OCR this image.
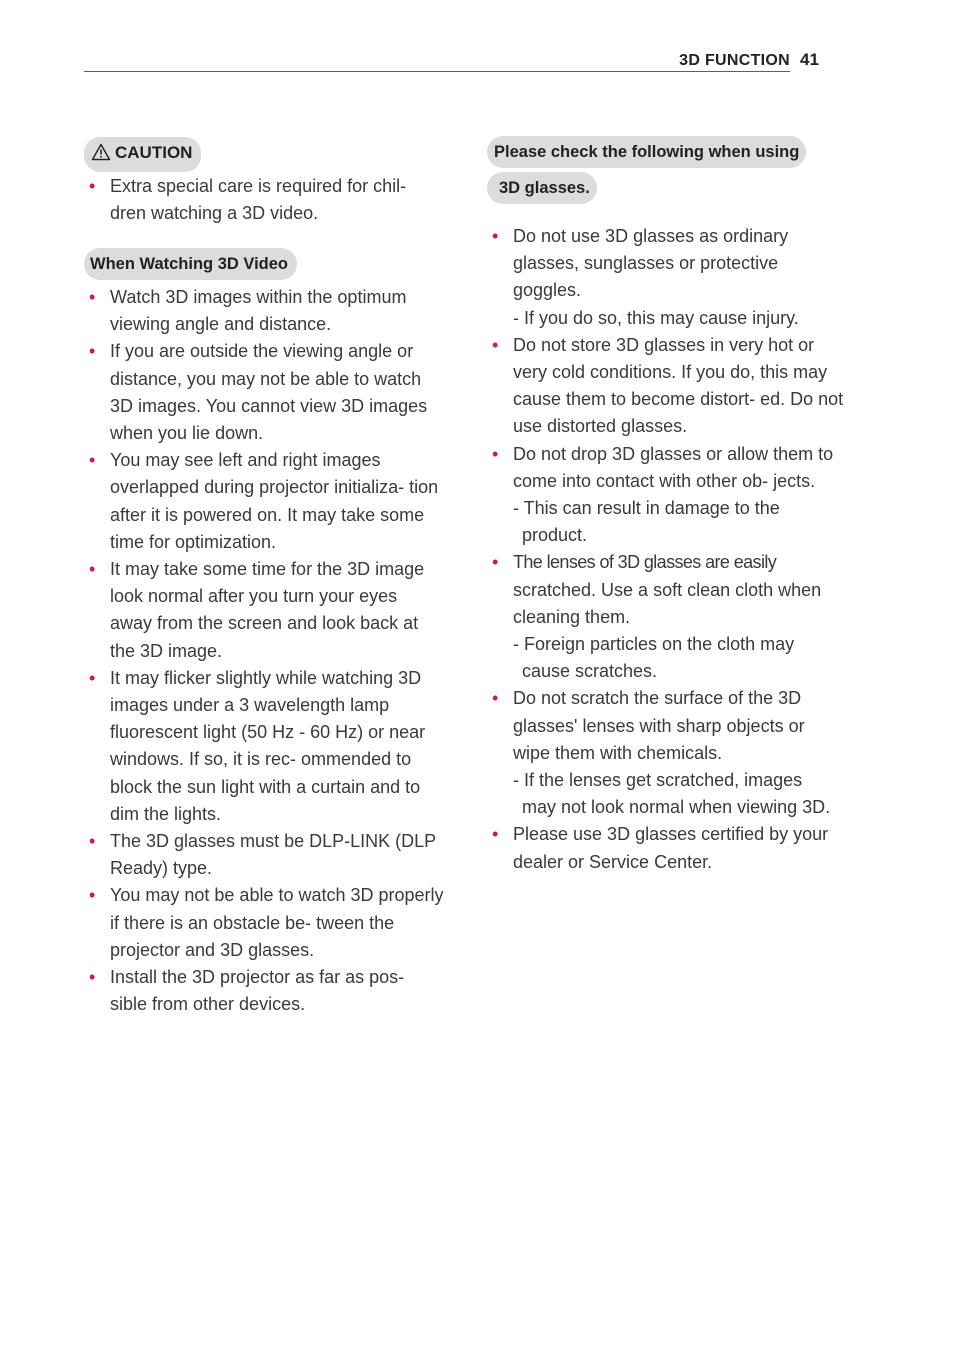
3D FUNCTION 41
CAUTION
• Extra special care is required for chil- dren watching a 3D video.
When Watching 3D Video
• Watch 3D images within the optimum viewing angle and distance.
• If you are outside the viewing angle or distance, you may not be able to watch 3D images. You cannot view 3D images when you lie down.
• You may see left and right images overlapped during projector initializa- tion after it is powered on. It may take some time for optimization.
• It may take some time for the 3D image look normal after you turn your eyes away from the screen and look back at the 3D image.
• It may flicker slightly while watching 3D images under a 3 wavelength lamp fluorescent light (50 Hz - 60 Hz) or near windows. If so, it is rec- ommended to block the sun light with a curtain and to dim the lights.
• The 3D glasses must be DLP-LINK (DLP Ready) type.
• You may not be able to watch 3D properly if there is an obstacle be- tween the projector and 3D glasses.
• Install the 3D projector as far as pos- sible from other devices.
Please check the following when using
3D glasses.
• Do not use 3D glasses as ordinary glasses, sunglasses or protective goggles.
- If you do so, this may cause injury.
• Do not store 3D glasses in very hot or very cold conditions. If you do, this may cause them to become distort- ed. Do not use distorted glasses.
• Do not drop 3D glasses or allow them to come into contact with other ob- jects.
- This can result in damage to the
product.
• The lenses of 3D glasses are easily scratched. Use a soft clean cloth when cleaning them.
- Foreign particles on the cloth may
cause scratches.
• Do not scratch the surface of the 3D glasses' lenses with sharp objects or wipe them with chemicals.
- If the lenses get scratched, images
may not look normal when viewing 3D.
• Please use 3D glasses certified by your dealer or Service Center.
